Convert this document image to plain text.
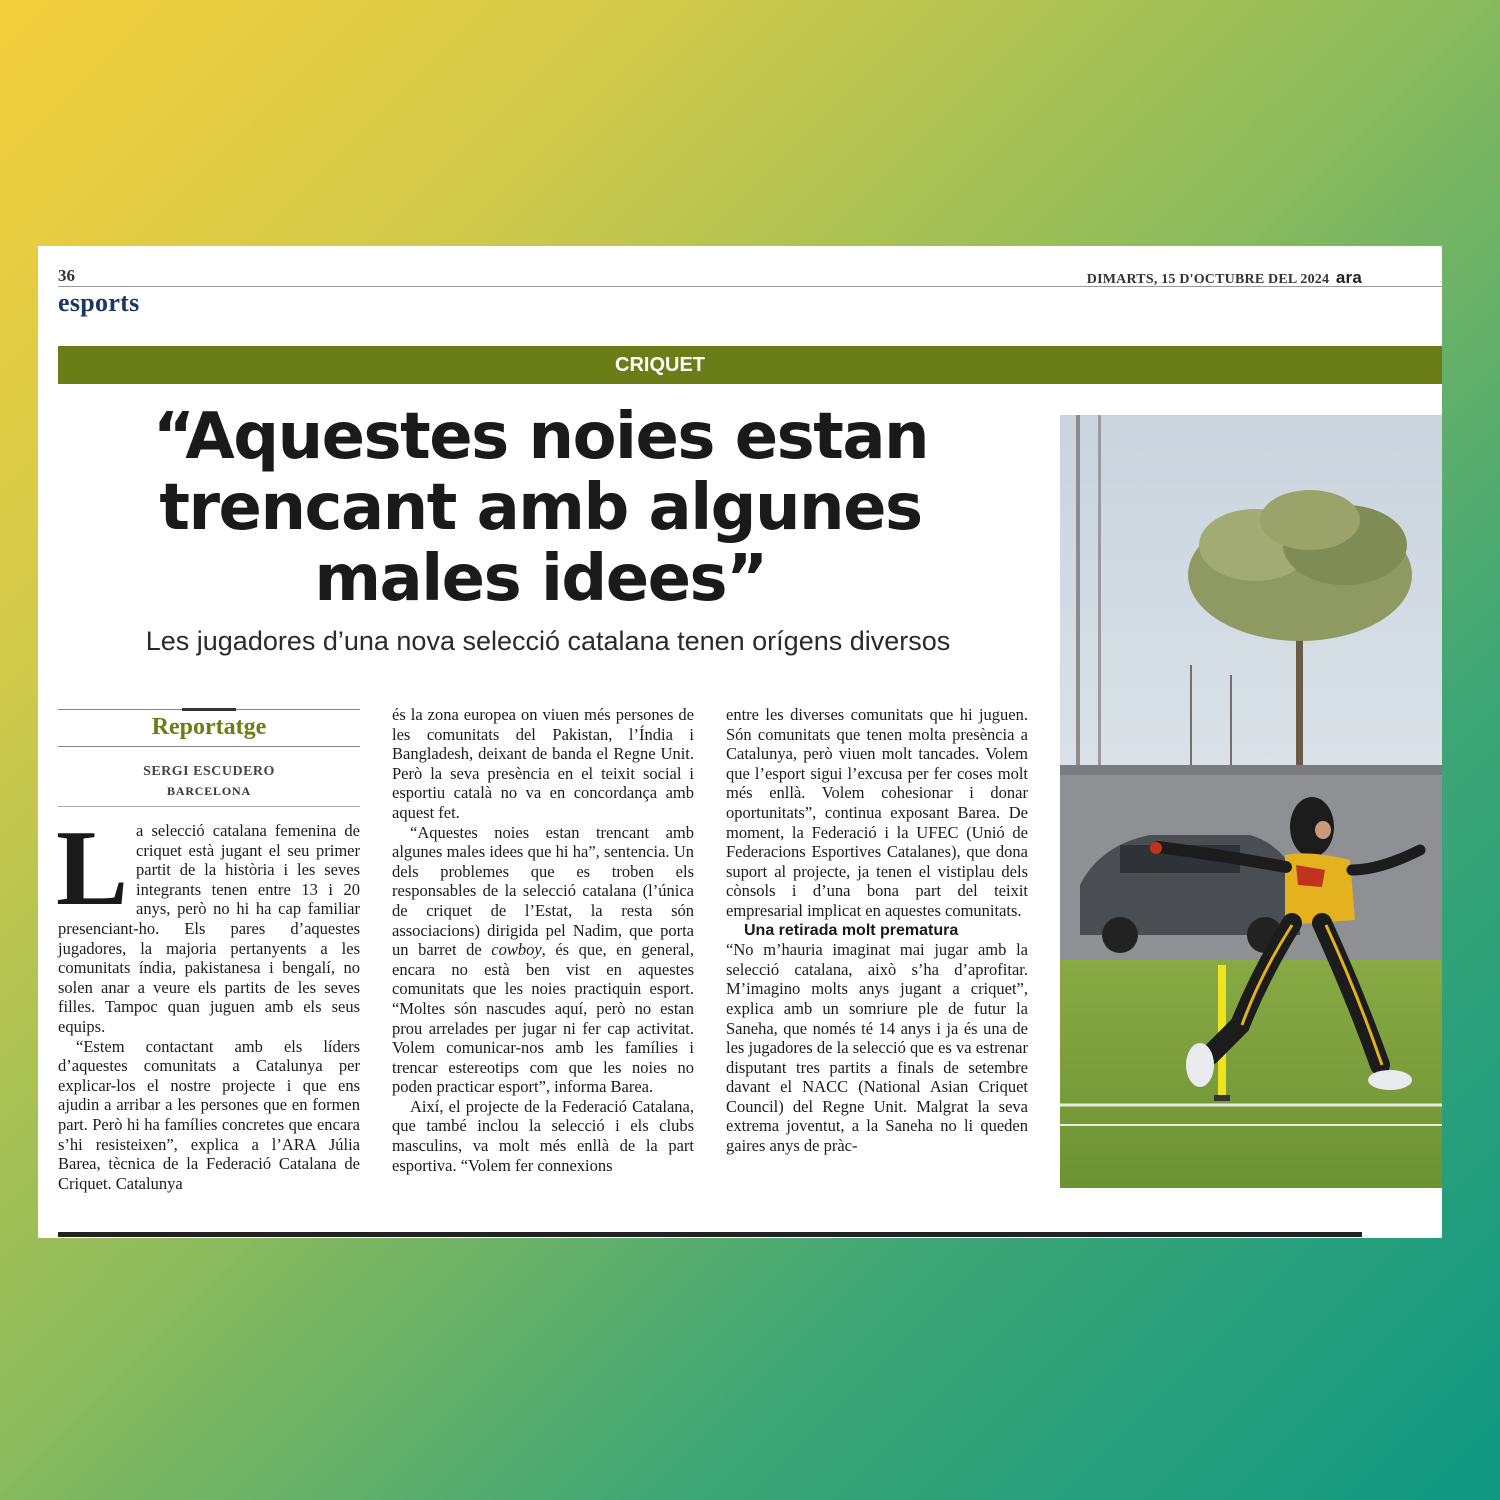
36	DIMARTS, 15 D'OCTUBRE DEL 2024 ara
esports
CRIQUET
“Aquestes noies estan trencant amb algunes males idees”

Les jugadores d’una nova selecció catalana tenen orígens diversos

Reportatge
SERGI ESCUDERO
BARCELONA

La selecció catalana femenina de criquet està jugant el seu primer partit de la història i les seves integrants tenen entre 13 i 20 anys, però no hi ha cap familiar presenciant-ho. Els pares d’aquestes jugadores, la majoria pertanyents a les comunitats índia, pakistanesa i bengalí, no solen anar a veure els partits de les seves filles. Tampoc quan juguen amb els seus equips.

“Estem contactant amb els líders d’aquestes comunitats a Catalunya per explicar-los el nostre projecte i que ens ajudin a arribar a les persones que en formen part. Però hi ha famílies concretes que encara s’hi resisteixen”, explica a l’ARA Júlia Barea, tècnica de la Federació Catalana de Criquet. Catalunya

és la zona europea on viuen més persones de les comunitats del Pakistan, l’Índia i Bangladesh, deixant de banda el Regne Unit. Però la seva presència en el teixit social i esportiu català no va en concordança amb aquest fet.

“Aquestes noies estan trencant amb algunes males idees que hi ha”, sentencia. Un dels problemes que es troben els responsables de la selecció catalana (l’única de criquet de l’Estat, la resta són associacions) dirigida pel Nadim, que porta un barret de cowboy, és que, en general, encara no està ben vist en aquestes comunitats que les noies practiquin esport. “Moltes són nascudes aquí, però no estan prou arrelades per jugar ni fer cap activitat. Volem comunicar-nos amb les famílies i trencar estereotips com que les noies no poden practicar esport”, informa Barea.

Així, el projecte de la Federació Catalana, que també inclou la selecció i els clubs masculins, va molt més enllà de la part esportiva. “Volem fer connexions

entre les diverses comunitats que hi juguen. Són comunitats que tenen molta presència a Catalunya, però viuen molt tancades. Volem que l’esport sigui l’excusa per fer coses molt més enllà. Volem cohesionar i donar oportunitats”, continua exposant Barea. De moment, la Federació i la UFEC (Unió de Federacions Esportives Catalanes), que dona suport al projecte, ja tenen el vistiplau dels cònsols i d’una bona part del teixit empresarial implicat en aquestes comunitats.

Una retirada molt prematura

“No m’hauria imaginat mai jugar amb la selecció catalana, això s’ha d’aprofitar. M’imagino molts anys jugant a criquet”, explica amb un somriure ple de futur la Saneha, que només té 14 anys i ja és una de les jugadores de la selecció que es va estrenar disputant tres partits a finals de setembre davant el NACC (National Asian Criquet Council) del Regne Unit. Malgrat la seva extrema joventut, a la Saneha no li queden gaires anys de pràc-
